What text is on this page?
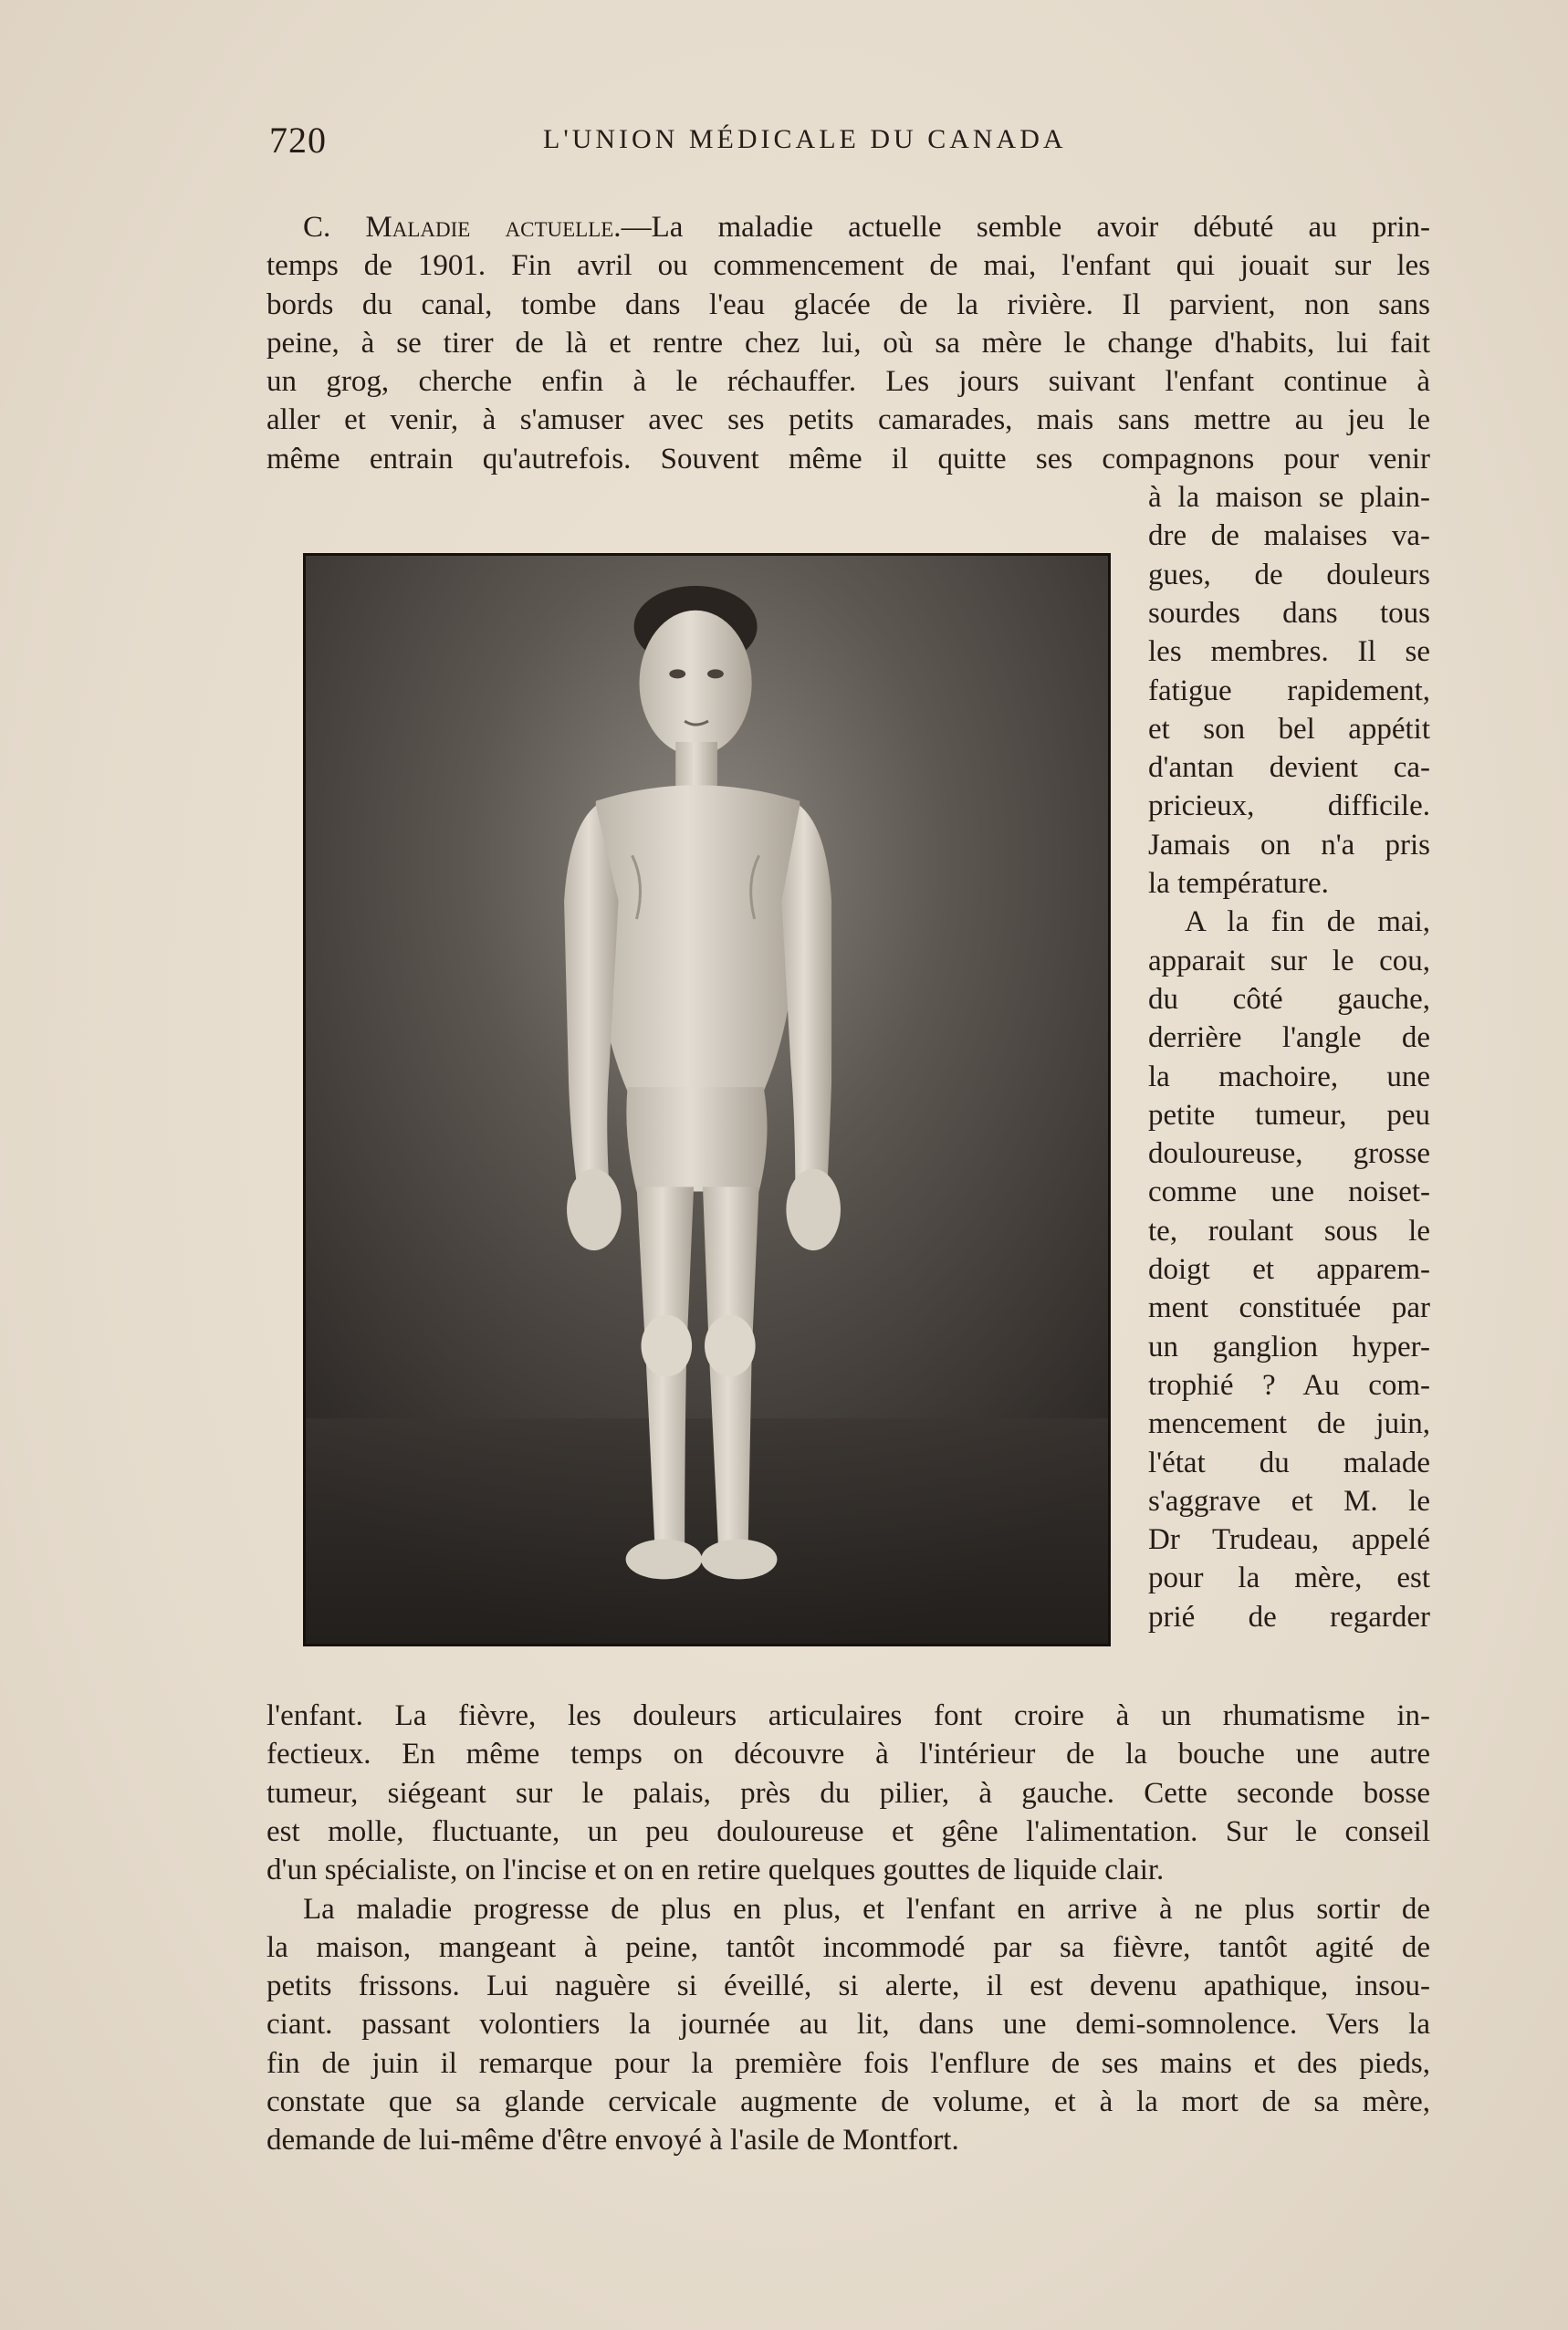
720	L'UNION MÉDICALE DU CANADA
C. Maladie actuelle.—La maladie actuelle semble avoir débuté au prin-
temps de 1901. Fin avril ou commencement de mai, l'enfant qui jouait sur les
bords du canal, tombe dans l'eau glacée de la rivière. Il parvient, non sans
peine, à se tirer de là et rentre chez lui, où sa mère le change d'habits, lui fait
un grog, cherche enfin à le réchauffer. Les jours suivant l'enfant continue à
aller et venir, à s'amuser avec ses petits camarades, mais sans mettre au jeu le
même entrain qu'autrefois. Souvent même il quitte ses compagnons pour venir
à la maison se plain-
dre de malaises va-
gues, de douleurs
sourdes dans tous
les membres. Il se
fatigue rapidement,
et son bel appétit
d'antan devient ca-
pricieux, difficile.
Jamais on n'a pris
la température.
A la fin de mai,
apparait sur le cou,
du côté gauche,
derrière l'angle de
la machoire, une
petite tumeur, peu
douloureuse, grosse
comme une noiset-
te, roulant sous le
doigt et apparem-
ment constituée par
un ganglion hyper-
trophié ? Au com-
mencement de juin,
l'état du malade
s'aggrave et M. le
Dr Trudeau, appelé
pour la mère, est
prié de regarder
l'enfant. La fièvre, les douleurs articulaires font croire à un rhumatisme in-
fectieux. En même temps on découvre à l'intérieur de la bouche une autre
tumeur, siégeant sur le palais, près du pilier, à gauche. Cette seconde bosse
est molle, fluctuante, un peu douloureuse et gêne l'alimentation. Sur le conseil
d'un spécialiste, on l'incise et on en retire quelques gouttes de liquide clair.
La maladie progresse de plus en plus, et l'enfant en arrive à ne plus sortir de
la maison, mangeant à peine, tantôt incommodé par sa fièvre, tantôt agité de
petits frissons. Lui naguère si éveillé, si alerte, il est devenu apathique, insou-
ciant. passant volontiers la journée au lit, dans une demi-somnolence. Vers la
fin de juin il remarque pour la première fois l'enflure de ses mains et des pieds,
constate que sa glande cervicale augmente de volume, et à la mort de sa mère,
demande de lui-même d'être envoyé à l'asile de Montfort.
